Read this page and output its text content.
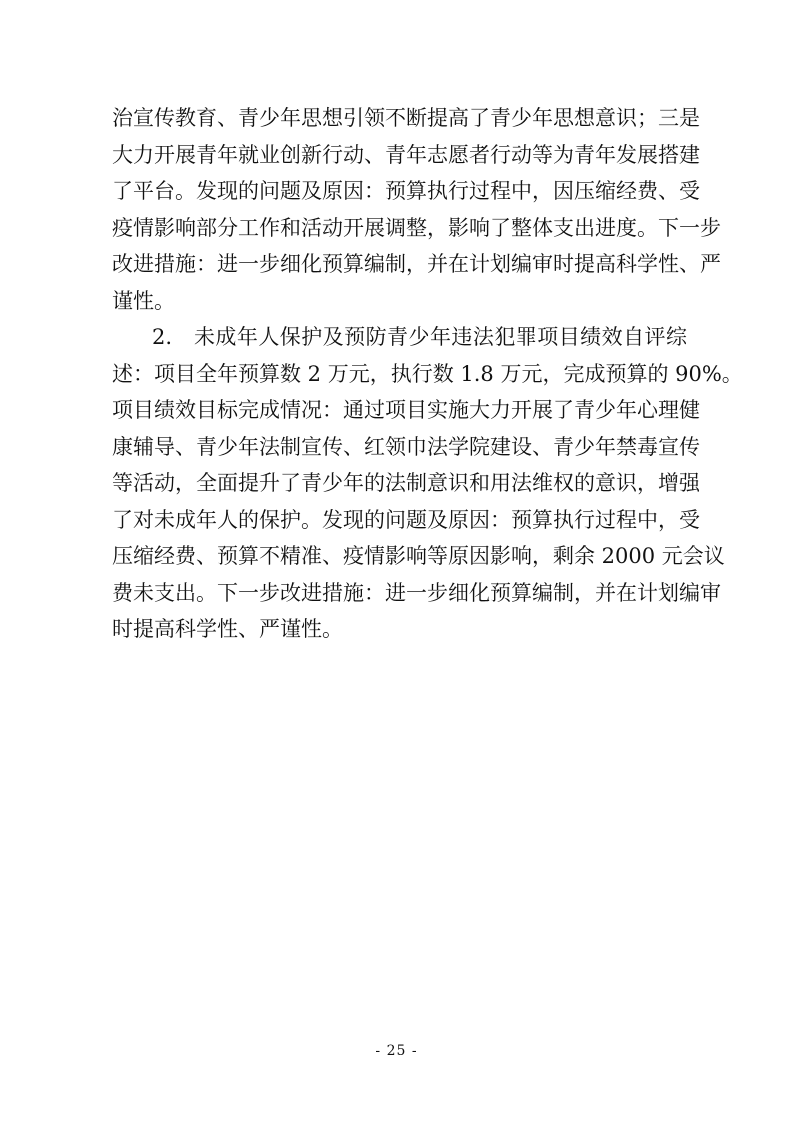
治宣传教育、青少年思想引领不断提高了青少年思想意识；三是
大力开展青年就业创新行动、青年志愿者行动等为青年发展搭建
了平台。发现的问题及原因：预算执行过程中，因压缩经费、受
疫情影响部分工作和活动开展调整，影响了整体支出进度。下一步
改进措施：进一步细化预算编制，并在计划编审时提高科学性、严
谨性。
2.　未成年人保护及预防青少年违法犯罪项目绩效自评综
述：项目全年预算数 2 万元，执行数 1.8 万元，完成预算的 90%。
项目绩效目标完成情况：通过项目实施大力开展了青少年心理健
康辅导、青少年法制宣传、红领巾法学院建设、青少年禁毒宣传
等活动，全面提升了青少年的法制意识和用法维权的意识，增强
了对未成年人的保护。发现的问题及原因：预算执行过程中，受
压缩经费、预算不精准、疫情影响等原因影响，剩余 2000 元会议
费未支出。下一步改进措施：进一步细化预算编制，并在计划编审
时提高科学性、严谨性。
- 25 -
